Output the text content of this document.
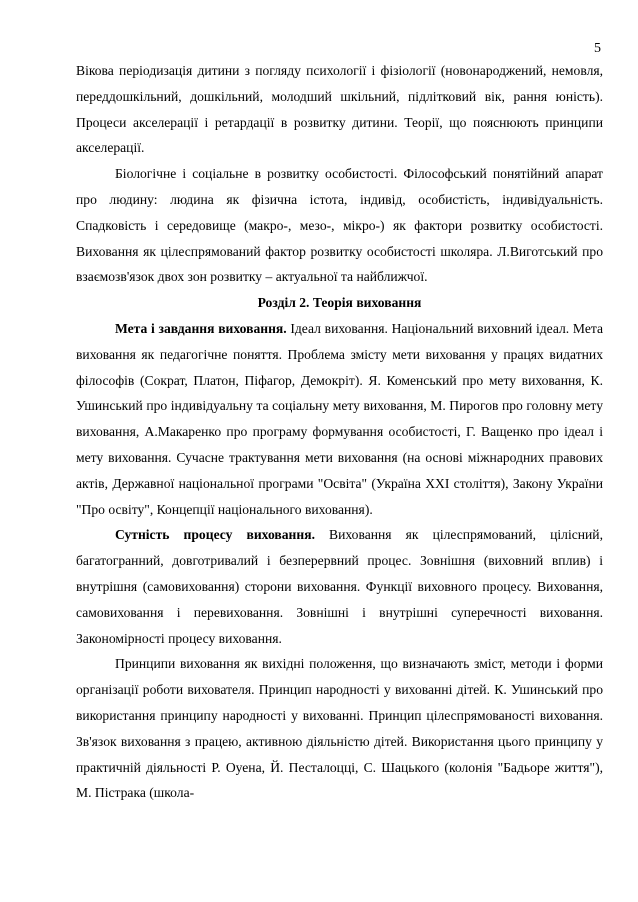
5

Вікова періодизація дитини з погляду психології і фізіології (новонароджений, немовля, переддошкільний, дошкільний, молодший шкільний, підлітковий вік, рання юність). Процеси акселерації і ретардації в розвитку дитини. Теорії, що пояснюють принципи акселерації.

Біологічне і соціальне в розвитку особистості. Філософський понятійний апарат про людину: людина як фізична істота, індивід, особистість, індивідуальність. Спадковість і середовище (макро-, мезо-, мікро-) як фактори розвитку особистості. Виховання як цілеспрямований фактор розвитку особистості школяра. Л.Виготський про взаємозв'язок двох зон розвитку – актуальної та найближчої.

Розділ 2. Теорія виховання

Мета і завдання виховання. Ідеал виховання. Національний виховний ідеал. Мета виховання як педагогічне поняття. Проблема змісту мети виховання у працях видатних філософів (Сократ, Платон, Піфагор, Демокріт). Я. Коменський про мету виховання, К. Ушинський про індивідуальну та соціальну мету виховання, М. Пирогов про головну мету виховання, А.Макаренко про програму формування особистості, Г. Ващенко про ідеал і мету виховання. Сучасне трактування мети виховання (на основі міжнародних правових актів, Державної національної програми "Освіта" (Україна XXI століття), Закону України "Про освіту", Концепції національного виховання).

Сутність процесу виховання. Виховання як цілеспрямований, цілісний, багатогранний, довготривалий і безперервний процес. Зовнішня (виховний вплив) і внутрішня (самовиховання) сторони виховання. Функції виховного процесу. Виховання, самовиховання і перевиховання. Зовнішні і внутрішні суперечності виховання. Закономірності процесу виховання.

Принципи виховання як вихідні положення, що визначають зміст, методи і форми організації роботи вихователя. Принцип народності у вихованні дітей. К. Ушинський про використання принципу народності у вихованні. Принцип цілеспрямованості виховання. Зв'язок виховання з працею, активною діяльністю дітей. Використання цього принципу у практичній діяльності Р. Оуена, Й. Песталоцці, С. Шацького (колонія "Бадьоре життя"), М. Пістрака (школа-
